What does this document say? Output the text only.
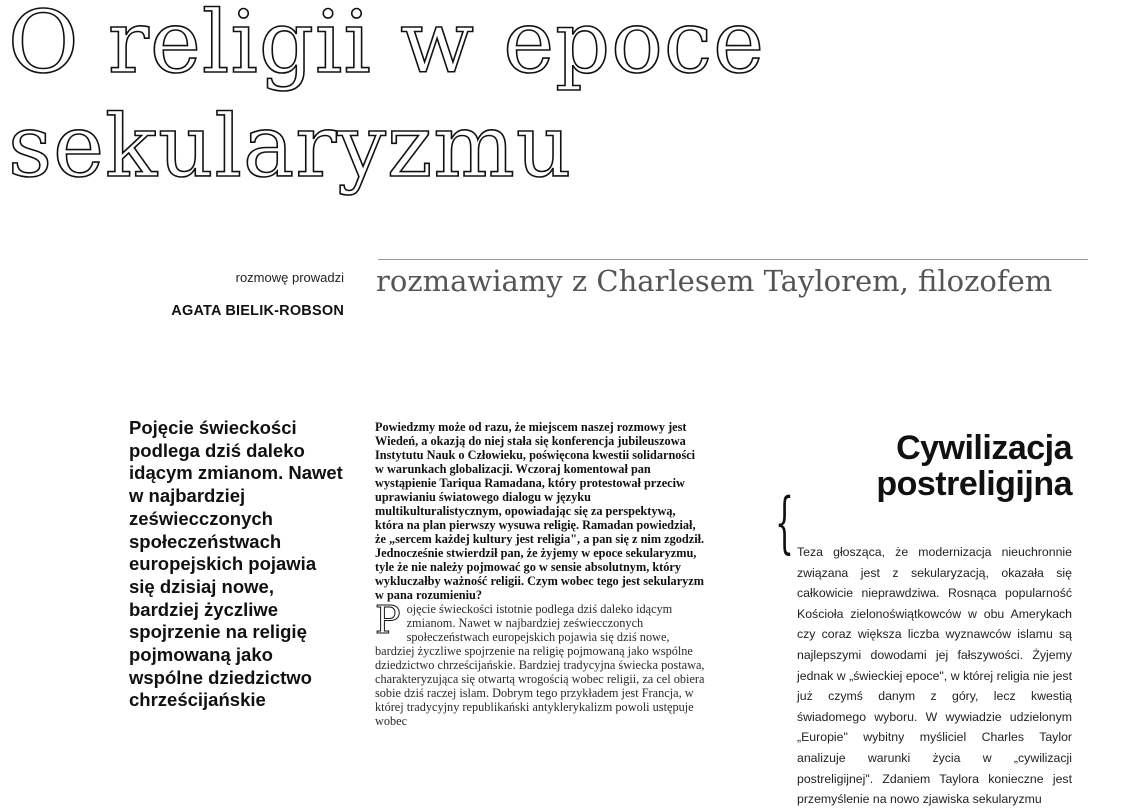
O religii w epoce
sekularyzmu
rozmowę prowadzi
AGATA BIELIK-ROBSON
rozmawiamy z Charlesem Taylorem, filozofem
Pojęcie świeckości podlega dziś daleko idącym zmianom. Nawet w najbardziej zeświecczonych społeczeństwach europejskich pojawia się dzisiaj nowe, bardziej życzliwe spojrzenie na religię pojmowaną jako wspólne dziedzictwo chrześcijańskie

Powiedzmy może od razu, że miejscem naszej rozmowy jest Wiedeń, a okazją do niej stała się konferencja jubileuszowa Instytutu Nauk o Człowieku, poświęcona kwestii solidarności w warunkach globalizacji. Wczoraj komentował pan wystąpienie Tariqua Ramadana, który protestował przeciw uprawianiu światowego dialogu w języku multikulturalistycznym, opowiadając się za perspektywą, która na plan pierwszy wysuwa religię. Ramadan powiedział, że „sercem każdej kultury jest religia", a pan się z nim zgodził. Jednocześnie stwierdził pan, że żyjemy w epoce sekularyzmu, tyle że nie należy pojmować go w sensie absolutnym, który wykluczałby ważność religii. Czym wobec tego jest sekularyzm w pana rozumieniu?

P ojęcie świeckości istotnie podlega dziś daleko idącym zmianom. Nawet w najbardziej zeświecczonych społeczeństwach europejskich pojawia się dziś nowe, bardziej życzliwe spojrzenie na religię pojmowaną jako wspólne dziedzictwo chrześcijańskie. Bardziej tradycyjna świecka postawa, charakteryzująca się otwartą wrogością wobec religii, za cel obiera sobie dziś raczej islam. Dobrym tego przykładem jest Francja, w której tradycyjny republikański antyklerykalizm powoli ustępuje wobec

Cywilizacja postreligijna
{ Teza głosząca, że modernizacja nieuchronnie związana jest z sekularyzacją, okazała się całkowicie nieprawdziwa. Rosnąca popularność Kościoła zielonoświątkowców w obu Amerykach czy coraz większa liczba wyznawców islamu są najlepszymi dowodami jej fałszywości. Żyjemy jednak w „świeckiej epoce", w której religia nie jest już czymś danym z góry, lecz kwestią świadomego wyboru. W wywiadzie udzielonym „Europie" wybitny myśliciel Charles Taylor analizuje warunki życia w „cywilizacji postreligijnej". Zdaniem Taylora konieczne jest przemyślenie na nowo zjawiska sekularyzmu
